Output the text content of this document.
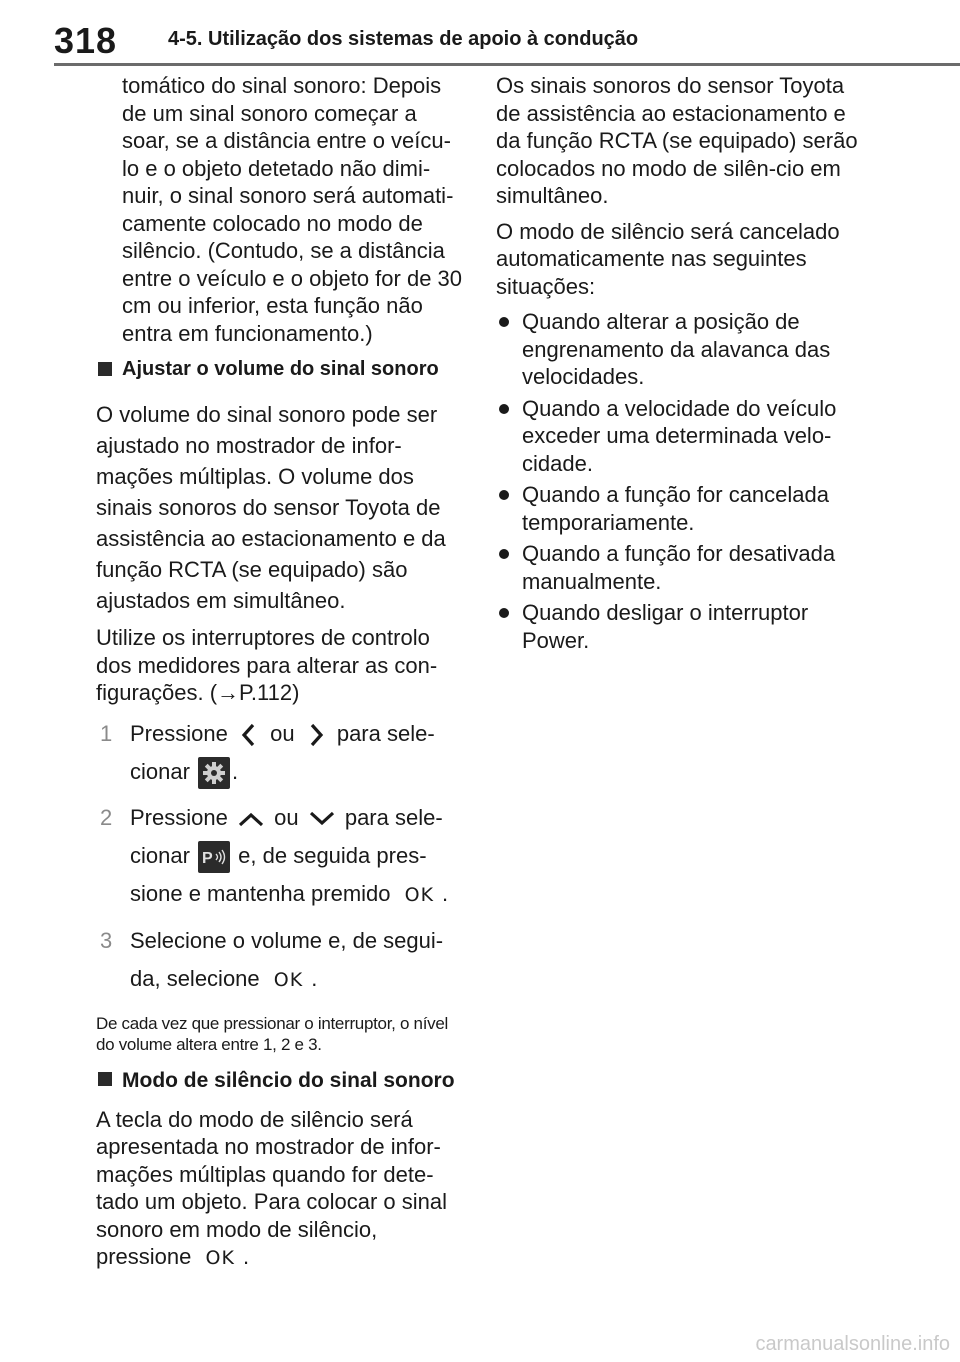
318	4-5. Utilização dos sistemas de apoio à condução

tomático do sinal sonoro: Depois de um sinal sonoro começar a soar, se a distância entre o veícu-lo e o objeto detetado não dimi-nuir, o sinal sonoro será automati-camente colocado no modo de silêncio. (Contudo, se a distância entre o veículo e o objeto for de 30 cm ou inferior, esta função não entra em funcionamento.)

Ajustar o volume do sinal sonoro

O volume do sinal sonoro pode ser ajustado no mostrador de infor-mações múltiplas. O volume dos sinais sonoros do sensor Toyota de assistência ao estacionamento e da função RCTA (se equipado) são ajustados em simultâneo.

Utilize os interruptores de controlo dos medidores para alterar as con-figurações. (→P.112)

1 Pressione ou para sele-cionar .
2 Pressione ou para sele-cionar P e, de seguida pres-sione e mantenha premido OK .
3 Selecione o volume e, de segui-da, selecione OK .

De cada vez que pressionar o interruptor, o nível do volume altera entre 1, 2 e 3.

Modo de silêncio do sinal sonoro

A tecla do modo de silêncio será apresentada no mostrador de infor-mações múltiplas quando for dete-tado um objeto. Para colocar o sinal sonoro em modo de silêncio, pressione OK .

Os sinais sonoros do sensor Toyota de assistência ao estacionamento e da função RCTA (se equipado) serão colocados no modo de silên-cio em simultâneo.

O modo de silêncio será cancelado automaticamente nas seguintes situações:

Quando alterar a posição de engrenamento da alavanca das velocidades.
Quando a velocidade do veículo exceder uma determinada velo-cidade.
Quando a função for cancelada temporariamente.
Quando a função for desativada manualmente.
Quando desligar o interruptor Power.
carmanualsonline.info
